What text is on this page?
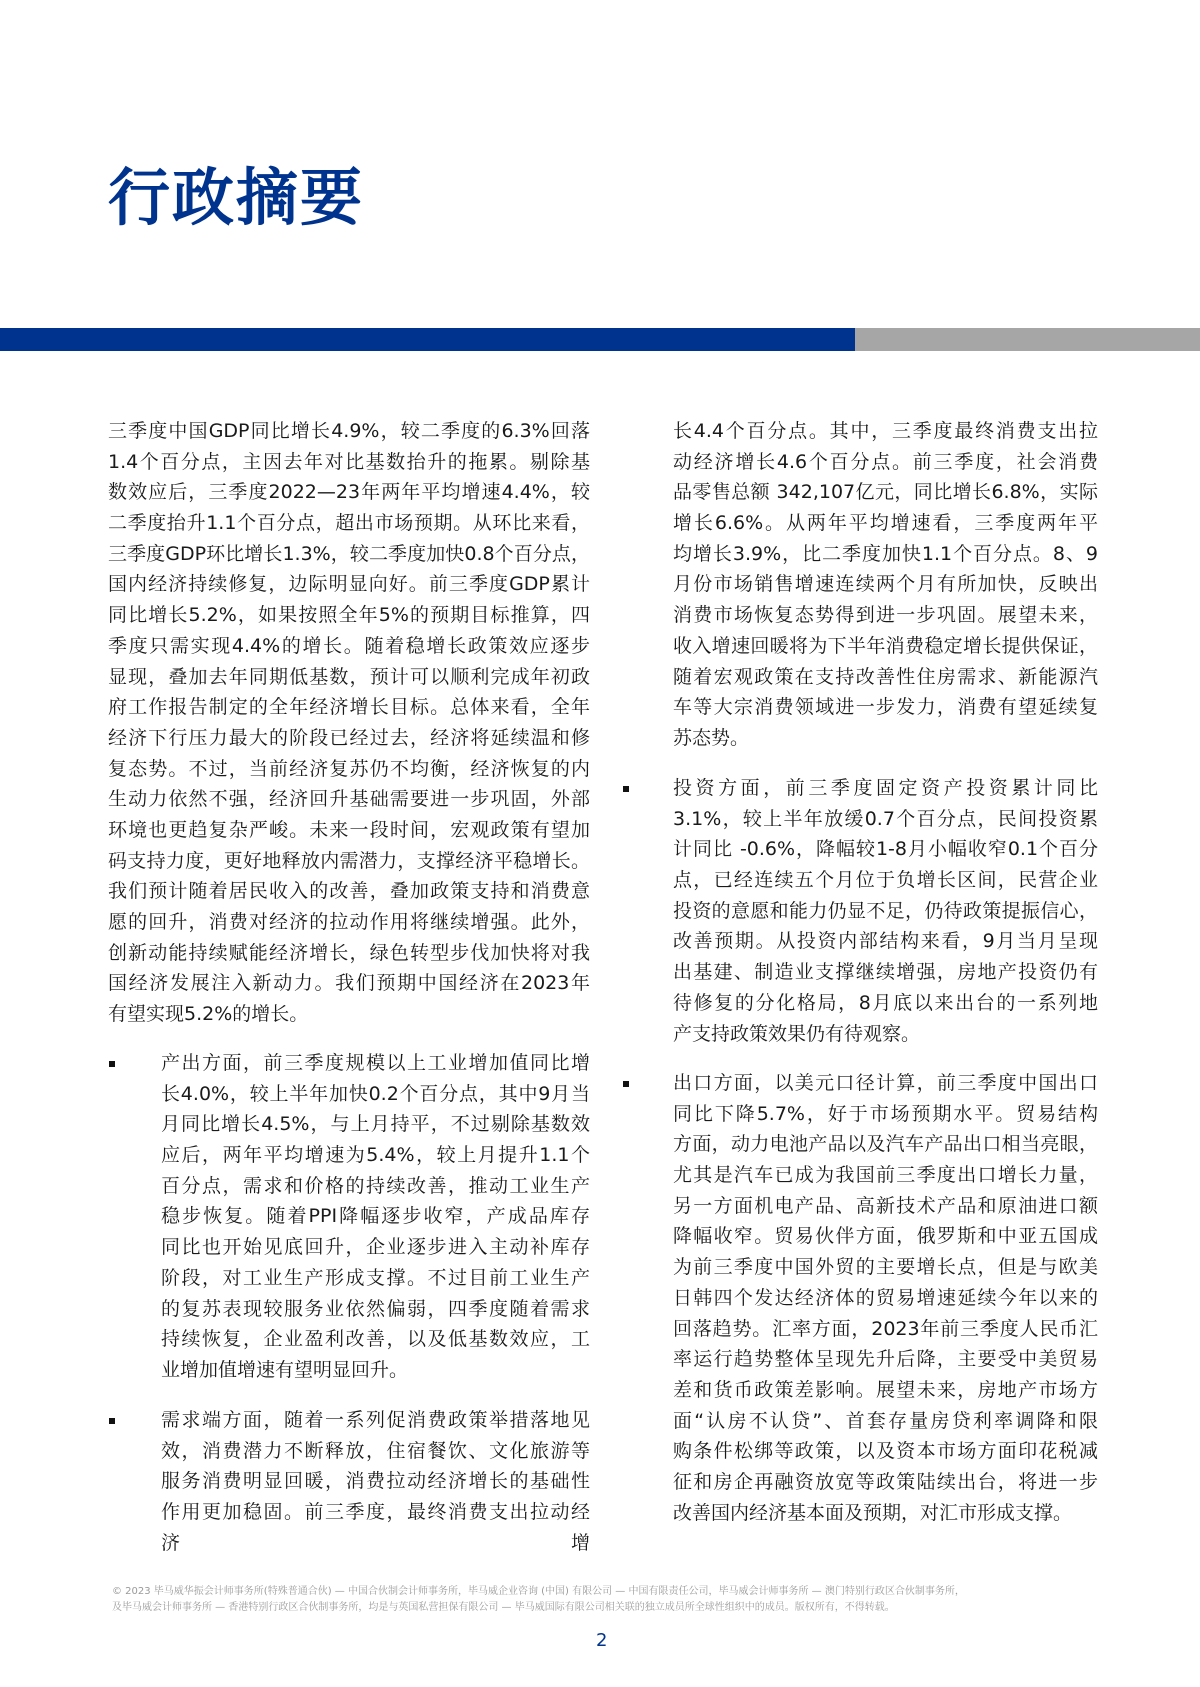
行政摘要
三季度中国GDP同比增长4.9%，较二季度的6.3%回落
1.4个百分点，主因去年对比基数抬升的拖累。剔除基
数效应后，三季度2022—23年两年平均增速4.4%，较
二季度抬升1.1个百分点，超出市场预期。从环比来看，
三季度GDP环比增长1.3%，较二季度加快0.8个百分点，
国内经济持续修复，边际明显向好。前三季度GDP累计
同比增长5.2%，如果按照全年5%的预期目标推算，四
季度只需实现4.4%的增长。随着稳增长政策效应逐步
显现，叠加去年同期低基数，预计可以顺利完成年初政
府工作报告制定的全年经济增长目标。总体来看，全年
经济下行压力最大的阶段已经过去，经济将延续温和修
复态势。不过，当前经济复苏仍不均衡，经济恢复的内
生动力依然不强，经济回升基础需要进一步巩固，外部
环境也更趋复杂严峻。未来一段时间，宏观政策有望加
码支持力度，更好地释放内需潜力，支撑经济平稳增长。
我们预计随着居民收入的改善，叠加政策支持和消费意
愿的回升，消费对经济的拉动作用将继续增强。此外，
创新动能持续赋能经济增长，绿色转型步伐加快将对我
国经济发展注入新动力。我们预期中国经济在2023年
有望实现5.2%的增长。
产出方面，前三季度规模以上工业增加值同比增
长4.0%，较上半年加快0.2个百分点，其中9月当
月同比增长4.5%，与上月持平，不过剔除基数效
应后，两年平均增速为5.4%，较上月提升1.1个
百分点，需求和价格的持续改善，推动工业生产
稳步恢复。随着PPI降幅逐步收窄，产成品库存
同比也开始见底回升，企业逐步进入主动补库存
阶段，对工业生产形成支撑。不过目前工业生产
的复苏表现较服务业依然偏弱，四季度随着需求
持续恢复，企业盈利改善，以及低基数效应，工
业增加值增速有望明显回升。
需求端方面，随着一系列促消费政策举措落地见
效，消费潜力不断释放，住宿餐饮、文化旅游等
服务消费明显回暖，消费拉动经济增长的基础性
作用更加稳固。前三季度，最终消费支出拉动经
济 增
长4.4个百分点。其中，三季度最终消费支出拉
动经济增长4.6个百分点。前三季度，社会消费
品零售总额 342,107亿元，同比增长6.8%，实际
增长6.6%。从两年平均增速看，三季度两年平
均增长3.9%，比二季度加快1.1个百分点。8、9
月份市场销售增速连续两个月有所加快，反映出
消费市场恢复态势得到进一步巩固。展望未来，
收入增速回暖将为下半年消费稳定增长提供保证，
随着宏观政策在支持改善性住房需求、新能源汽
车等大宗消费领域进一步发力，消费有望延续复
苏态势。
投资方面，前三季度固定资产投资累计同比
3.1%，较上半年放缓0.7个百分点，民间投资累
计同比 -0.6%，降幅较1-8月小幅收窄0.1个百分
点，已经连续五个月位于负增长区间，民营企业
投资的意愿和能力仍显不足，仍待政策提振信心，
改善预期。从投资内部结构来看，9月当月呈现
出基建、制造业支撑继续增强，房地产投资仍有
待修复的分化格局，8月底以来出台的一系列地
产支持政策效果仍有待观察。
出口方面，以美元口径计算，前三季度中国出口
同比下降5.7%，好于市场预期水平。贸易结构
方面，动力电池产品以及汽车产品出口相当亮眼，
尤其是汽车已成为我国前三季度出口增长力量，
另一方面机电产品、高新技术产品和原油进口额
降幅收窄。贸易伙伴方面，俄罗斯和中亚五国成
为前三季度中国外贸的主要增长点，但是与欧美
日韩四个发达经济体的贸易增速延续今年以来的
回落趋势。汇率方面，2023年前三季度人民币汇
率运行趋势整体呈现先升后降，主要受中美贸易
差和货币政策差影响。展望未来，房地产市场方
面“认房不认贷”、首套存量房贷利率调降和限
购条件松绑等政策，以及资本市场方面印花税减
征和房企再融资放宽等政策陆续出台，将进一步
改善国内经济基本面及预期，对汇市形成支撑。
© 2023 毕马威华振会计师事务所(特殊普通合伙) — 中国合伙制会计师事务所，毕马威企业咨询 (中国) 有限公司 — 中国有限责任公司，毕马威会计师事务所 — 澳门特别行政区合伙制事务所，
及毕马威会计师事务所 — 香港特别行政区合伙制事务所，均是与英国私营担保有限公司 — 毕马威国际有限公司相关联的独立成员所全球性组织中的成员。版权所有，不得转载。
2
